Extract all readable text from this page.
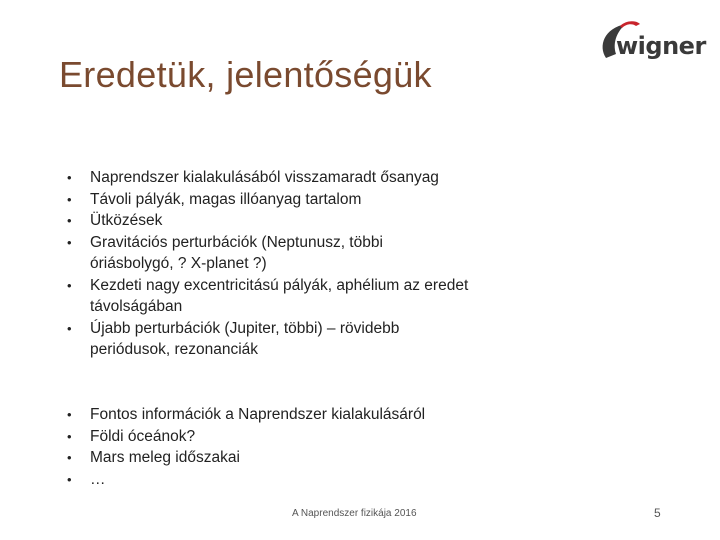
wigner
Eredetük, jelentőségük
• Naprendszer kialakulásából visszamaradt ősanyag
• Távoli pályák, magas illóanyag tartalom
• Ütközések
• Gravitációs perturbációk (Neptunusz, többi óriásbolygó, ? X-planet ?)
• Kezdeti nagy excentricitású pályák, aphélium az eredet távolságában
• Újabb perturbációk (Jupiter, többi) – rövidebb periódusok, rezonanciák
• Fontos információk a Naprendszer kialakulásáról
• Földi óceánok?
• Mars meleg időszakai
• …
A Naprendszer fizikája 2016	5
